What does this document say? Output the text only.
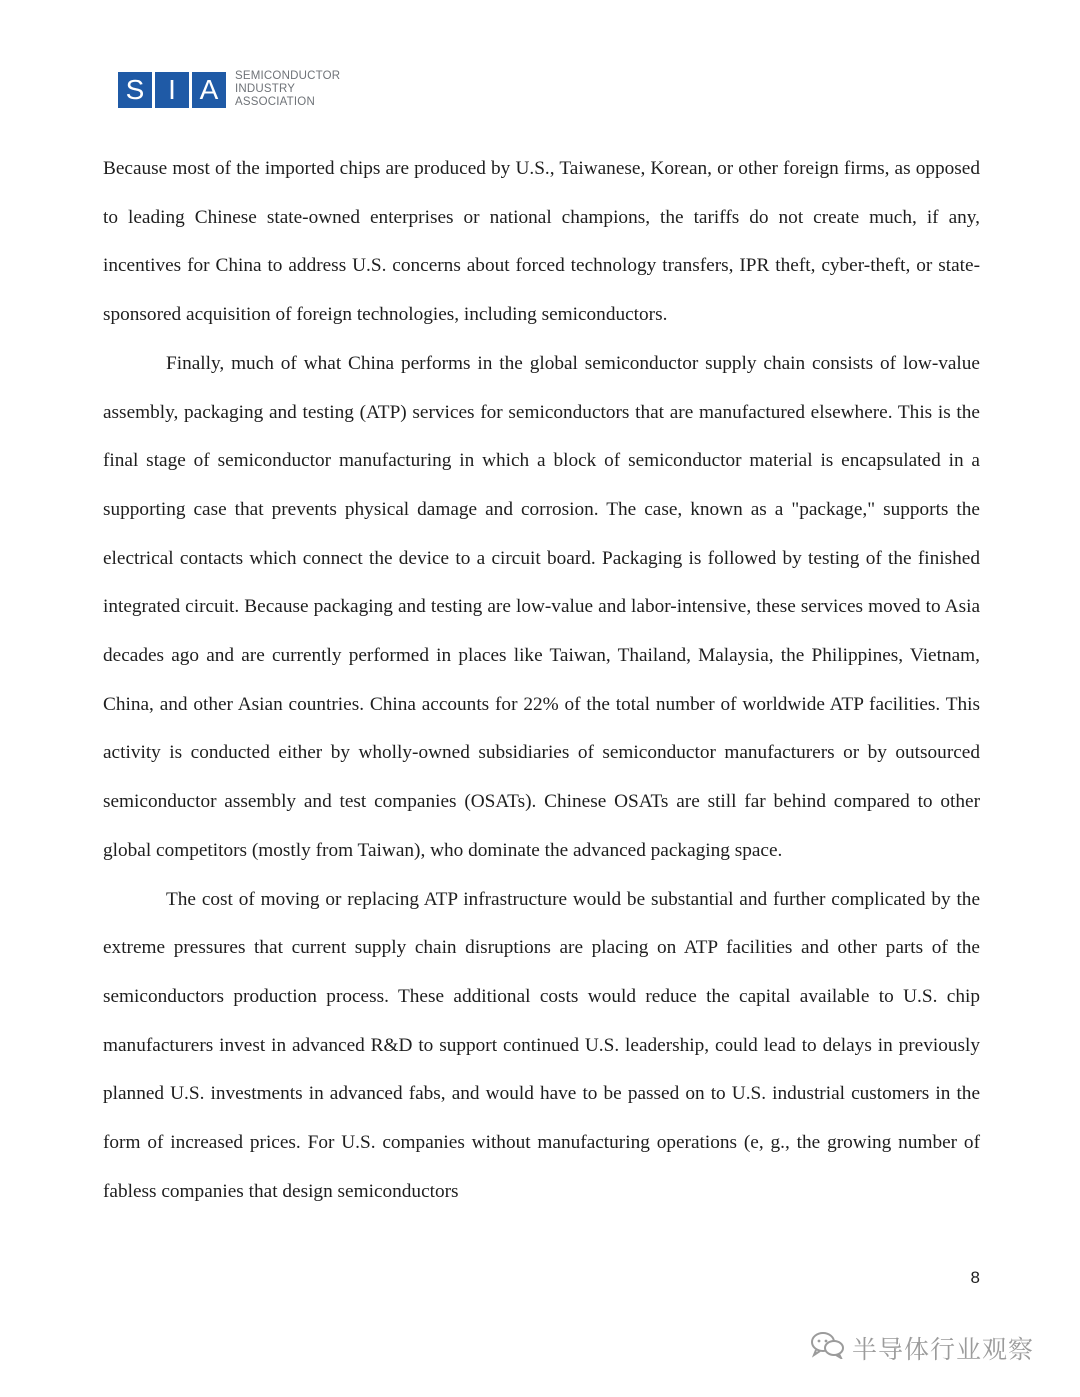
S I A	SEMICONDUCTOR
INDUSTRY
ASSOCIATION

Because most of the imported chips are produced by U.S., Taiwanese, Korean, or other foreign firms, as opposed to leading Chinese state-owned enterprises or national champions, the tariffs do not create much, if any, incentives for China to address U.S. concerns about forced technology transfers, IPR theft, cyber-theft, or state-sponsored acquisition of foreign technologies, including semiconductors.

Finally, much of what China performs in the global semiconductor supply chain consists of low-value assembly, packaging and testing (ATP) services for semiconductors that are manufactured elsewhere. This is the final stage of semiconductor manufacturing in which a block of semiconductor material is encapsulated in a supporting case that prevents physical damage and corrosion. The case, known as a "package," supports the electrical contacts which connect the device to a circuit board. Packaging is followed by testing of the finished integrated circuit. Because packaging and testing are low-value and labor-intensive, these services moved to Asia decades ago and are currently performed in places like Taiwan, Thailand, Malaysia, the Philippines, Vietnam, China, and other Asian countries. China accounts for 22% of the total number of worldwide ATP facilities. This activity is conducted either by wholly-owned subsidiaries of semiconductor manufacturers or by outsourced semiconductor assembly and test companies (OSATs). Chinese OSATs are still far behind compared to other global competitors (mostly from Taiwan), who dominate the advanced packaging space.

The cost of moving or replacing ATP infrastructure would be substantial and further complicated by the extreme pressures that current supply chain disruptions are placing on ATP facilities and other parts of the semiconductors production process. These additional costs would reduce the capital available to U.S. chip manufacturers invest in advanced R&D to support continued U.S. leadership, could lead to delays in previously planned U.S. investments in advanced fabs, and would have to be passed on to U.S. industrial customers in the form of increased prices. For U.S. companies without manufacturing operations (e, g., the growing number of fabless companies that design semiconductors

8
半导体行业观察
